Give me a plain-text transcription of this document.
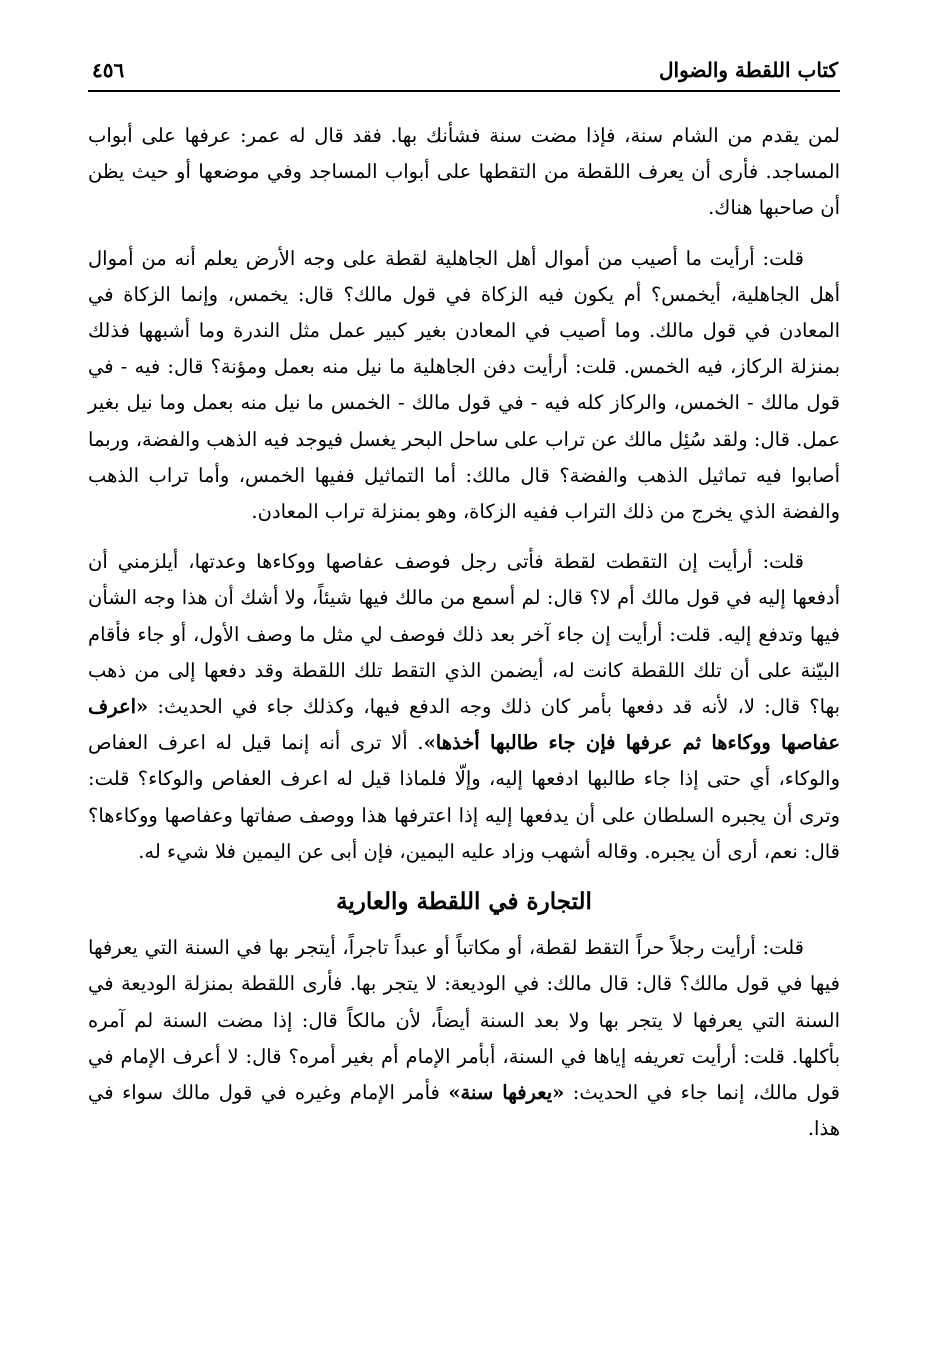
كتاب اللقطة والضوال
٤٥٦

لمن يقدم من الشام سنة، فإذا مضت سنة فشأنك بها. فقد قال له عمر: عرفها على أبواب المساجد. فأرى أن يعرف اللقطة من التقطها على أبواب المساجد وفي موضعها أو حيث يظن أن صاحبها هناك.

قلت: أرأيت ما أصيب من أموال أهل الجاهلية لقطة على وجه الأرض يعلم أنه من أموال أهل الجاهلية، أيخمس؟ أم يكون فيه الزكاة في قول مالك؟ قال: يخمس، وإنما الزكاة في المعادن في قول مالك. وما أصيب في المعادن بغير كبير عمل مثل الندرة وما أشبهها فذلك بمنزلة الركاز، فيه الخمس. قلت: أرأيت دفن الجاهلية ما نيل منه بعمل ومؤنة؟ قال: فيه - في قول مالك - الخمس، والركاز كله فيه - في قول مالك - الخمس ما نيل منه بعمل وما نيل بغير عمل. قال: ولقد سُئِل مالك عن تراب على ساحل البحر يغسل فيوجد فيه الذهب والفضة، وربما أصابوا فيه تماثيل الذهب والفضة؟ قال مالك: أما التماثيل ففيها الخمس، وأما تراب الذهب والفضة الذي يخرج من ذلك التراب ففيه الزكاة، وهو بمنزلة تراب المعادن.

قلت: أرأيت إن التقطت لقطة فأتى رجل فوصف عفاصها ووكاءها وعدتها، أيلزمني أن أدفعها إليه في قول مالك أم لا؟ قال: لم أسمع من مالك فيها شيئاً، ولا أشك أن هذا وجه الشأن فيها وتدفع إليه. قلت: أرأيت إن جاء آخر بعد ذلك فوصف لي مثل ما وصف الأول، أو جاء فأقام البيّنة على أن تلك اللقطة كانت له، أيضمن الذي التقط تلك اللقطة وقد دفعها إلى من ذهب بها؟ قال: لا، لأنه قد دفعها بأمر كان ذلك وجه الدفع فيها، وكذلك جاء في الحديث: «اعرف عفاصها ووكاءها ثم عرفها فإن جاء طالبها أخذها». ألا ترى أنه إنما قيل له اعرف العفاص والوكاء، أي حتى إذا جاء طالبها ادفعها إليه، وإلّا فلماذا قيل له اعرف العفاص والوكاء؟ قلت: وترى أن يجبره السلطان على أن يدفعها إليه إذا اعترفها هذا ووصف صفاتها وعفاصها ووكاءها؟ قال: نعم، أرى أن يجبره. وقاله أشهب وزاد عليه اليمين، فإن أبى عن اليمين فلا شيء له.

التجارة في اللقطة والعارية

قلت: أرأيت رجلاً حراً التقط لقطة، أو مكاتباً أو عبداً تاجراً، أيتجر بها في السنة التي يعرفها فيها في قول مالك؟ قال: قال مالك: في الوديعة: لا يتجر بها. فأرى اللقطة بمنزلة الوديعة في السنة التي يعرفها لا يتجر بها ولا بعد السنة أيضاً، لأن مالكاً قال: إذا مضت السنة لم آمره بأكلها. قلت: أرأيت تعريفه إياها في السنة، أبأمر الإمام أم بغير أمره؟ قال: لا أعرف الإمام في قول مالك، إنما جاء في الحديث: «يعرفها سنة» فأمر الإمام وغيره في قول مالك سواء في هذا.
